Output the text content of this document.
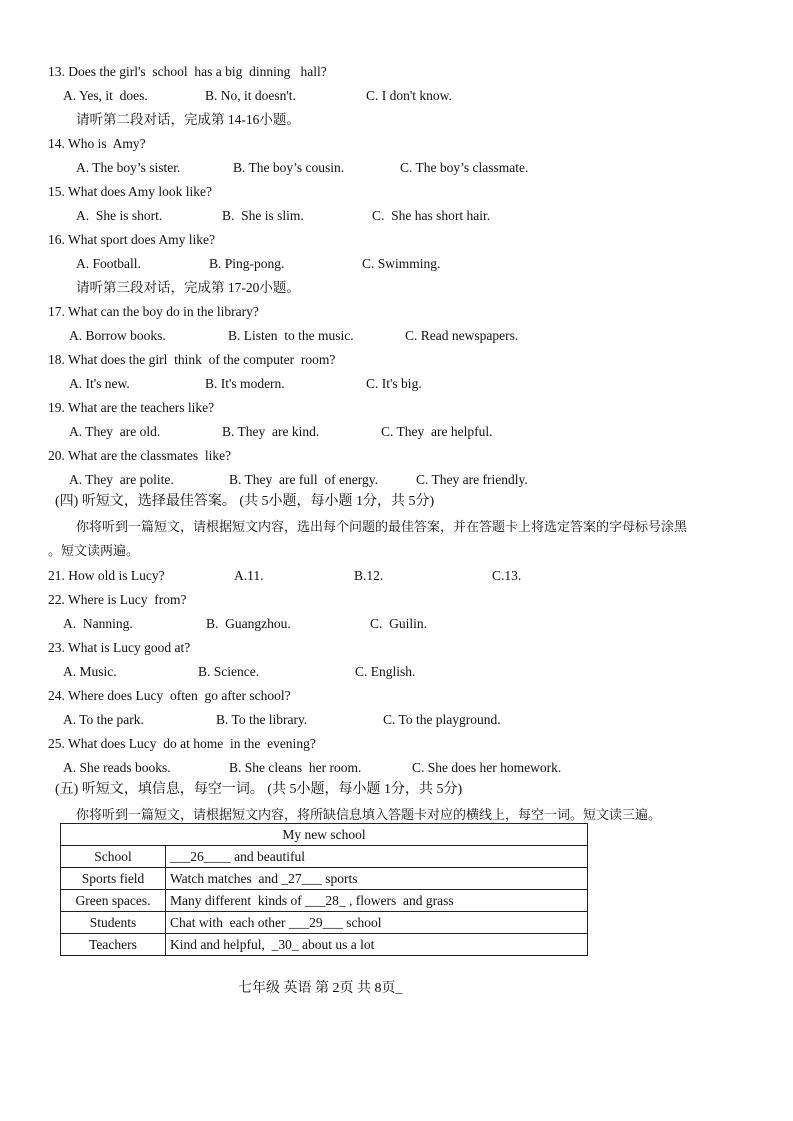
13. Does the girl's  school  has a big  dinning   hall?
A. Yes, it  does.	B. No, it doesn't.	C. I don't know.
请听第二段对话，完成第 14-16小题。
14. Who is  Amy?
A. The boy’s sister.	B. The boy’s cousin.	C. The boy’s classmate.
15. What does Amy look like?
A.  She is short.	B.  She is slim.	C.  She has short hair.
16. What sport does Amy like?
A. Football.	B. Ping-pong.	C. Swimming.
请听第三段对话，完成第 17-20小题。
17. What can the boy do in the library?
A. Borrow books.	B. Listen  to the music.	C. Read newspapers.
18. What does the girl  think  of the computer  room?
A. It's new.	B. It's modern.	C. It's big.
19. What are the teachers like?
A. They  are old.	B. They  are kind.	C. They  are helpful.
20. What are the classmates  like?
A. They  are polite.	B. They  are full  of energy.	C. They are friendly.
(四) 听短文，选择最佳答案。 (共 5小题，每小题 1分，共 5分)
你将听到一篇短文，请根据短文内容，选出每个问题的最佳答案，并在答题卡上将选定答案的字母标号涂黑
。短文读两遍。
21. How old is Lucy?	A.11.	B.12.	C.13.
22. Where is Lucy  from?
A.  Nanning.	B.  Guangzhou.	C.  Guilin.
23. What is Lucy good at?
A. Music.	B. Science.	C. English.
24. Where does Lucy  often  go after school?
A. To the park.	B. To the library.	C. To the playground.
25. What does Lucy  do at home  in the  evening?
A. She reads books.	B. She cleans  her room.	C. She does her homework.
(五) 听短文，填信息，每空一词。 (共 5小题，每小题 1分，共 5分)
你将听到一篇短文，请根据短文内容，将所缺信息填入答题卡对应的横线上，每空一词。短文读三遍。
My new school	
School	___26____ and beautiful
Sports field	Watch matches  and _27___ sports
Green spaces.	Many different  kinds of ___28_ , flowers  and grass
Students	Chat with  each other ___29___ school
Teachers	Kind and helpful,  _30_ about us a lot
七年级 英语 第 2页 共 8页_
